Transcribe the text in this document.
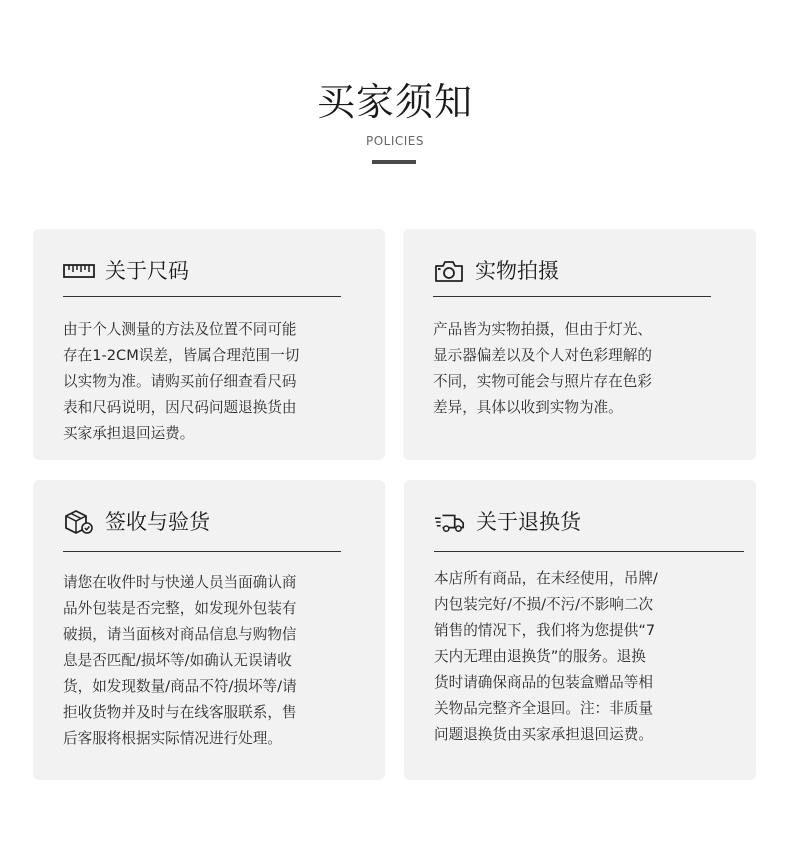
买家须知
POLICIES
关于尺码
由于个人测量的方法及位置不同可能
存在1-2CM误差，皆属合理范围一切
以实物为准。请购买前仔细查看尺码
表和尺码说明，因尺码问题退换货由
买家承担退回运费。
实物拍摄
产品皆为实物拍摄，但由于灯光、
显示器偏差以及个人对色彩理解的
不同，实物可能会与照片存在色彩
差异，具体以收到实物为准。
签收与验货
请您在收件时与快递人员当面确认商
品外包装是否完整，如发现外包装有
破损，请当面核对商品信息与购物信
息是否匹配/损坏等/如确认无误请收
货，如发现数量/商品不符/损坏等/请
拒收货物并及时与在线客服联系，售
后客服将根据实际情况进行处理。
关于退换货
本店所有商品，在未经使用，吊牌/
内包装完好/不损/不污/不影响二次
销售的情况下，我们将为您提供“7
天内无理由退换货”的服务。退换
货时请确保商品的包装盒赠品等相
关物品完整齐全退回。注：非质量
问题退换货由买家承担退回运费。
